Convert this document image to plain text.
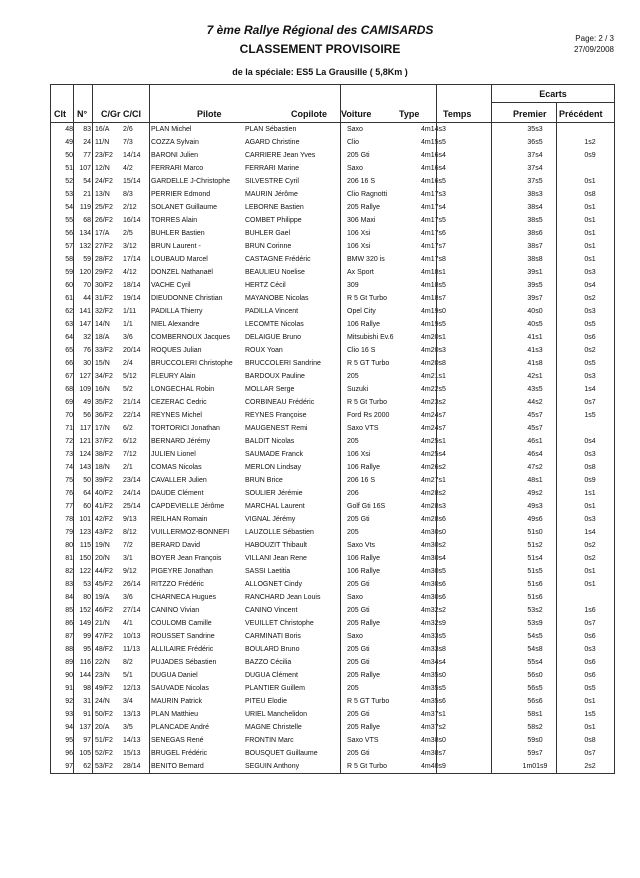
7 ème Rallye Régional des CAMISARDS
CLASSEMENT PROVISOIRE
de la spéciale: ES5 La Grausille ( 5,8Km )
Page: 2 / 3
27/09/2008
Ecarts
Clt N° C/Gr C/Cl	Pilote	Copilote Voiture	Type	Temps	Premier Précédent
48	83 16/A	2/6	PLAN Michel	PLAN Sébastien	Saxo	4m14s3	35s3
49	24 11/N	7/3	COZZA Sylvain	AGARD Christine	Clio	4m15s5	36s5	1s2
50	77 23/F2	14/14	BARONI Julien	CARRIERE Jean Yves	205 Gti	4m16s4	37s4	0s9
51 107 12/N	4/2	FERRARI Marco	FERRARI Marine	Saxo	4m16s4	37s4
52	54 24/F2	15/14	GARDELLE J-Christophe	SILVESTRE Cyril	206 16 S	4m16s5	37s5	0s1
53	21 13/N	8/3	PERRIER Edmond	MAURIN Jérôme	Clio Ragnotti	4m17s3	38s3	0s8
54 119 25/F2	2/12	SOLANET Guillaume	LEBORNE Bastien	205 Rallye	4m17s4	38s4	0s1
55	68 26/F2	16/14	TORRES Alain	COMBET Philippe	306 Maxi	4m17s5	38s5	0s1
56 134 17/A	2/5	BUHLER Bastien	BUHLER Gael	106 Xsi	4m17s6	38s6	0s1
57 132 27/F2	3/12	BRUN Laurent -	BRUN Corinne	106 Xsi	4m17s7	38s7	0s1
58	59 28/F2	17/14	LOUBAUD Marcel	CASTAGNE Frédéric	BMW 320 is	4m17s8	38s8	0s1
59 120 29/F2	4/12	DONZEL Nathanaël	BEAULIEU Noelise	Ax Sport	4m18s1	39s1	0s3
60	70 30/F2	18/14	VACHE Cyril	HERTZ Cécil	309	4m18s5	39s5	0s4
61	44 31/F2	19/14	DIEUDONNE Christian	MAYANOBE Nicolas	R 5 Gt Turbo	4m18s7	39s7	0s2
62 141 32/F2	1/11	PADILLA Thierry	PADILLA Vincent	Opel City	4m19s0	40s0	0s3
63 147 14/N	1/1	NIEL Alexandre	LECOMTE Nicolas	106 Rallye	4m19s5	40s5	0s5
64	32 18/A	3/6	COMBERNOUX Jacques	DELAIGUE Bruno	Mitsubishi Ev.6	4m20s1	41s1	0s6
65	76 33/F2	20/14	ROQUES Julian	ROUX Yoan	Clio 16 S	4m20s3	41s3	0s2
66	30 15/N	2/4	BRUCCOLERI Christophe	BRUCCOLERI Sandrine	R 5 GT Turbo	4m20s8	41s8	0s5
67 127 34/F2	5/12	FLEURY Alain	BARDOUX Pauline	205	4m21s1	42s1	0s3
68 109 16/N	5/2	LONGECHAL Robin	MOLLAR Serge	Suzuki	4m22s5	43s5	1s4
69	49 35/F2	21/14	CEZERAC Cedric	CORBINEAU Frédéric	R 5 Gt Turbo	4m23s2	44s2	0s7
70	56 36/F2	22/14	REYNES Michel	REYNES Françoise	Ford Rs 2000	4m24s7	45s7	1s5
71 117 17/N	6/2	TORTORICI Jonathan	MAUGENEST Remi	Saxo VTS	4m24s7	45s7
72 121 37/F2	6/12	BERNARD Jérémy	BALDIT Nicolas	205	4m25s1	46s1	0s4
73 124 38/F2	7/12	JULIEN Lionel	SAUMADE Franck	106 Xsi	4m25s4	46s4	0s3
74 143 18/N	2/1	COMAS Nicolas	MERLON Lindsay	106 Rallye	4m26s2	47s2	0s8
75	50 39/F2	23/14	CAVALLER Julien	BRUN Brice	206 16 S	4m27s1	48s1	0s9
76	64 40/F2	24/14	DAUDE Clément	SOULIER Jérémie	206	4m28s2	49s2	1s1
77	60 41/F2	25/14	CAPDEVIELLE Jérôme	MARCHAL Laurent	Golf Gti 16S	4m28s3	49s3	0s1
78 101 42/F2	9/13	REILHAN Romain	VIGNAL Jérémy	205 Gti	4m28s6	49s6	0s3
79 123 43/F2	8/12	VUILLERMOZ-BONNEFI	LAUZOLLE Sébastien	205	4m30s0	51s0	1s4
80 115 19/N	7/2	BERARD David	HABOUZIT Thibault	Saxo Vts	4m30s2	51s2	0s2
81 150 20/N	3/1	BOYER Jean François	VILLANI Jean Rene	106 Rallye	4m30s4	51s4	0s2
82 122 44/F2	9/12	PIGEYRE Jonathan	SASSI Laetitia	106 Rallye	4m30s5	51s5	0s1
83	53 45/F2	26/14	RITZZO Frédéric	ALLOGNET Cindy	205 Gti	4m30s6	51s6	0s1
84	80 19/A	3/6	CHARNECA Hugues	RANCHARD Jean Louis	Saxo	4m30s6	51s6
85 152 46/F2	27/14	CANINO Vivian	CANINO Vincent	205 Gti	4m32s2	53s2	1s6
86 149 21/N	4/1	COULOMB Camille	VEUILLET Christophe	205 Rallye	4m32s9	53s9	0s7
87	99 47/F2	10/13	ROUSSET Sandrine	CARMINATI Boris	Saxo	4m33s5	54s5	0s6
88	95 48/F2	11/13	ALLILAIRE Frédéric	BOULARD Bruno	205 Gti	4m33s8	54s8	0s3
89 116 22/N	8/2	PUJADES Sébastien	BAZZO Cécilia	205 Gti	4m34s4	55s4	0s6
90 144 23/N	5/1	DUGUA Daniel	DUGUA Clément	205 Rallye	4m35s0	56s0	0s6
91	98 49/F2	12/13	SAUVADE Nicolas	PLANTIER Guillem	205	4m35s5	56s5	0s5
92	31 24/N	3/4	MAURIN Patrick	PITEU Elodie	R 5 GT Turbo	4m35s6	56s6	0s1
93	91 50/F2	13/13	PLAN Matthieu	URIEL Manchelidon	205 Gti	4m37s1	58s1	1s5
94 137 20/A	3/5	PLANCADE André	MAGNE Christelle	205 Rallye	4m37s2	58s2	0s1
95	97 51/F2	14/13	SENEGAS René	FRONTIN Marc	Saxo VTS	4m38s0	59s0	0s8
96 105 52/F2	15/13	BRUGEL Frédéric	BOUSQUET Guillaume	205 Gti	4m38s7	59s7	0s7
97	62 53/F2	28/14	BENITO Bernard	SEGUIN Anthony	R 5 Gt Turbo	4m40s9	1m01s9	2s2
